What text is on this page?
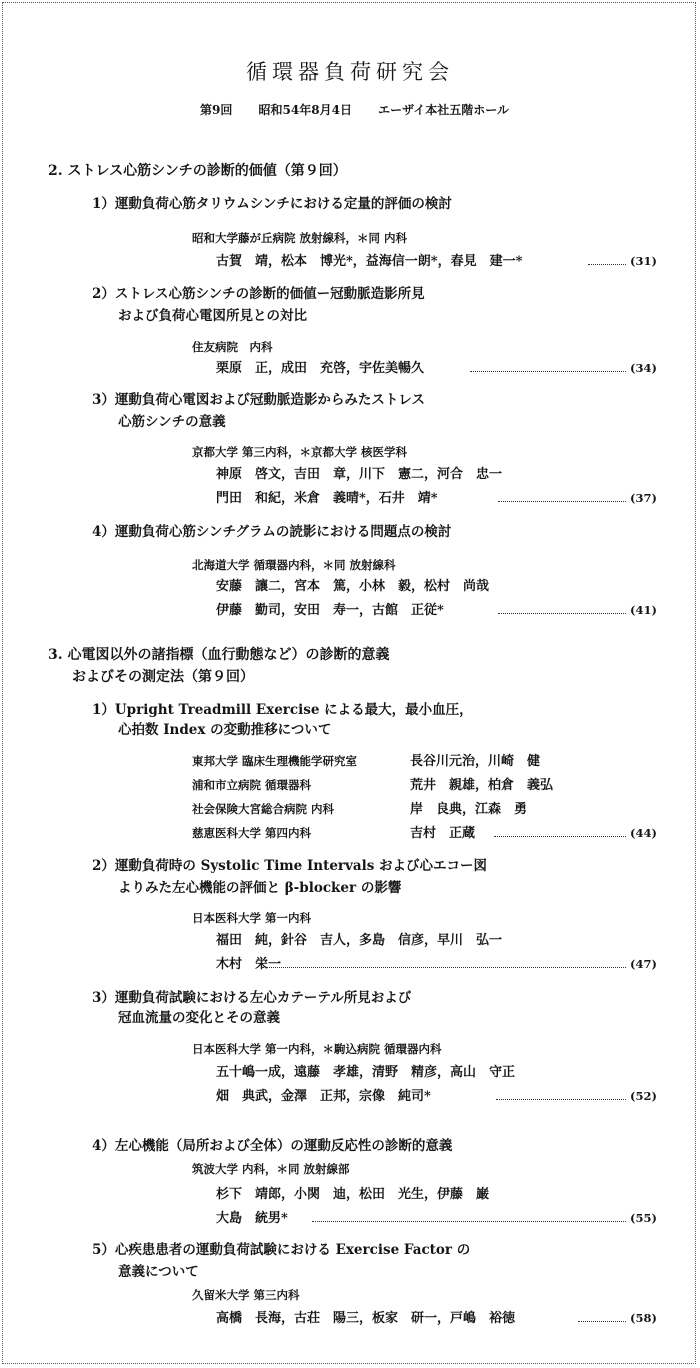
循環器負荷研究会
第9回 昭和54年8月4日 エーザイ本社五階ホール
2. ストレス心筋シンチの診断的価値（第９回）
1）運動負荷心筋タリウムシンチにおける定量的評価の検討
昭和大学藤が丘病院 放射線科，＊同 内科
古賀　靖，松本　博光*，益海信一朗*，春見　建一*	(31)
2）ストレス心筋シンチの診断的価値ー冠動脈造影所見
および負荷心電図所見との対比
住友病院　内科
栗原　正，成田　充啓，宇佐美暢久	(34)
3）運動負荷心電図および冠動脈造影からみたストレス
心筋シンチの意義
京都大学 第三内科，＊京都大学 核医学科
神原　啓文，吉田　章，川下　憲二，河合　忠一
門田　和紀，米倉　義晴*，石井　靖*	(37)
4）運動負荷心筋シンチグラムの読影における問題点の検討
北海道大学 循環器内科，＊同 放射線科
安藤　讓二，宮本　篤，小林　毅，松村　尚哉
伊藤　勤司，安田　寿一，古館　正従*	(41)
3. 心電図以外の諸指標（血行動態など）の診断的意義
およびその測定法（第９回）
1）Upright Treadmill Exercise による最大，最小血圧，
心拍数 Index の変動推移について
東邦大学 臨床生理機能学研究室	長谷川元治，川崎　健
浦和市立病院 循環器科	荒井　親雄，柏倉　義弘
社会保険大宮総合病院 内科	岸　良典，江森　勇
慈恵医科大学 第四内科	吉村　正蔵	(44)
2）運動負荷時の Systolic Time Intervals および心エコー図
よりみた左心機能の評価と β-blocker の影響
日本医科大学 第一内科
福田　純，針谷　吉人，多島　信彦，早川　弘一
木村　栄一	(47)
3）運動負荷試験における左心カテーテル所見および
冠血流量の変化とその意義
日本医科大学 第一内科，＊駒込病院 循環器内科
五十嶋一成，遠藤　孝雄，清野　精彦，高山　守正
畑　典武，金澤　正邦，宗像　純司*	(52)
4）左心機能（局所および全体）の運動反応性の診断的意義
筑波大学 内科，＊同 放射線部
杉下　靖郎，小関　迪，松田　光生，伊藤　巌
大島　統男*	(55)
5）心疾患患者の運動負荷試験における Exercise Factor の
意義について
久留米大学 第三内科
高橋　長海，古荘　陽三，板家　研一，戸嶋　裕徳	(58)
